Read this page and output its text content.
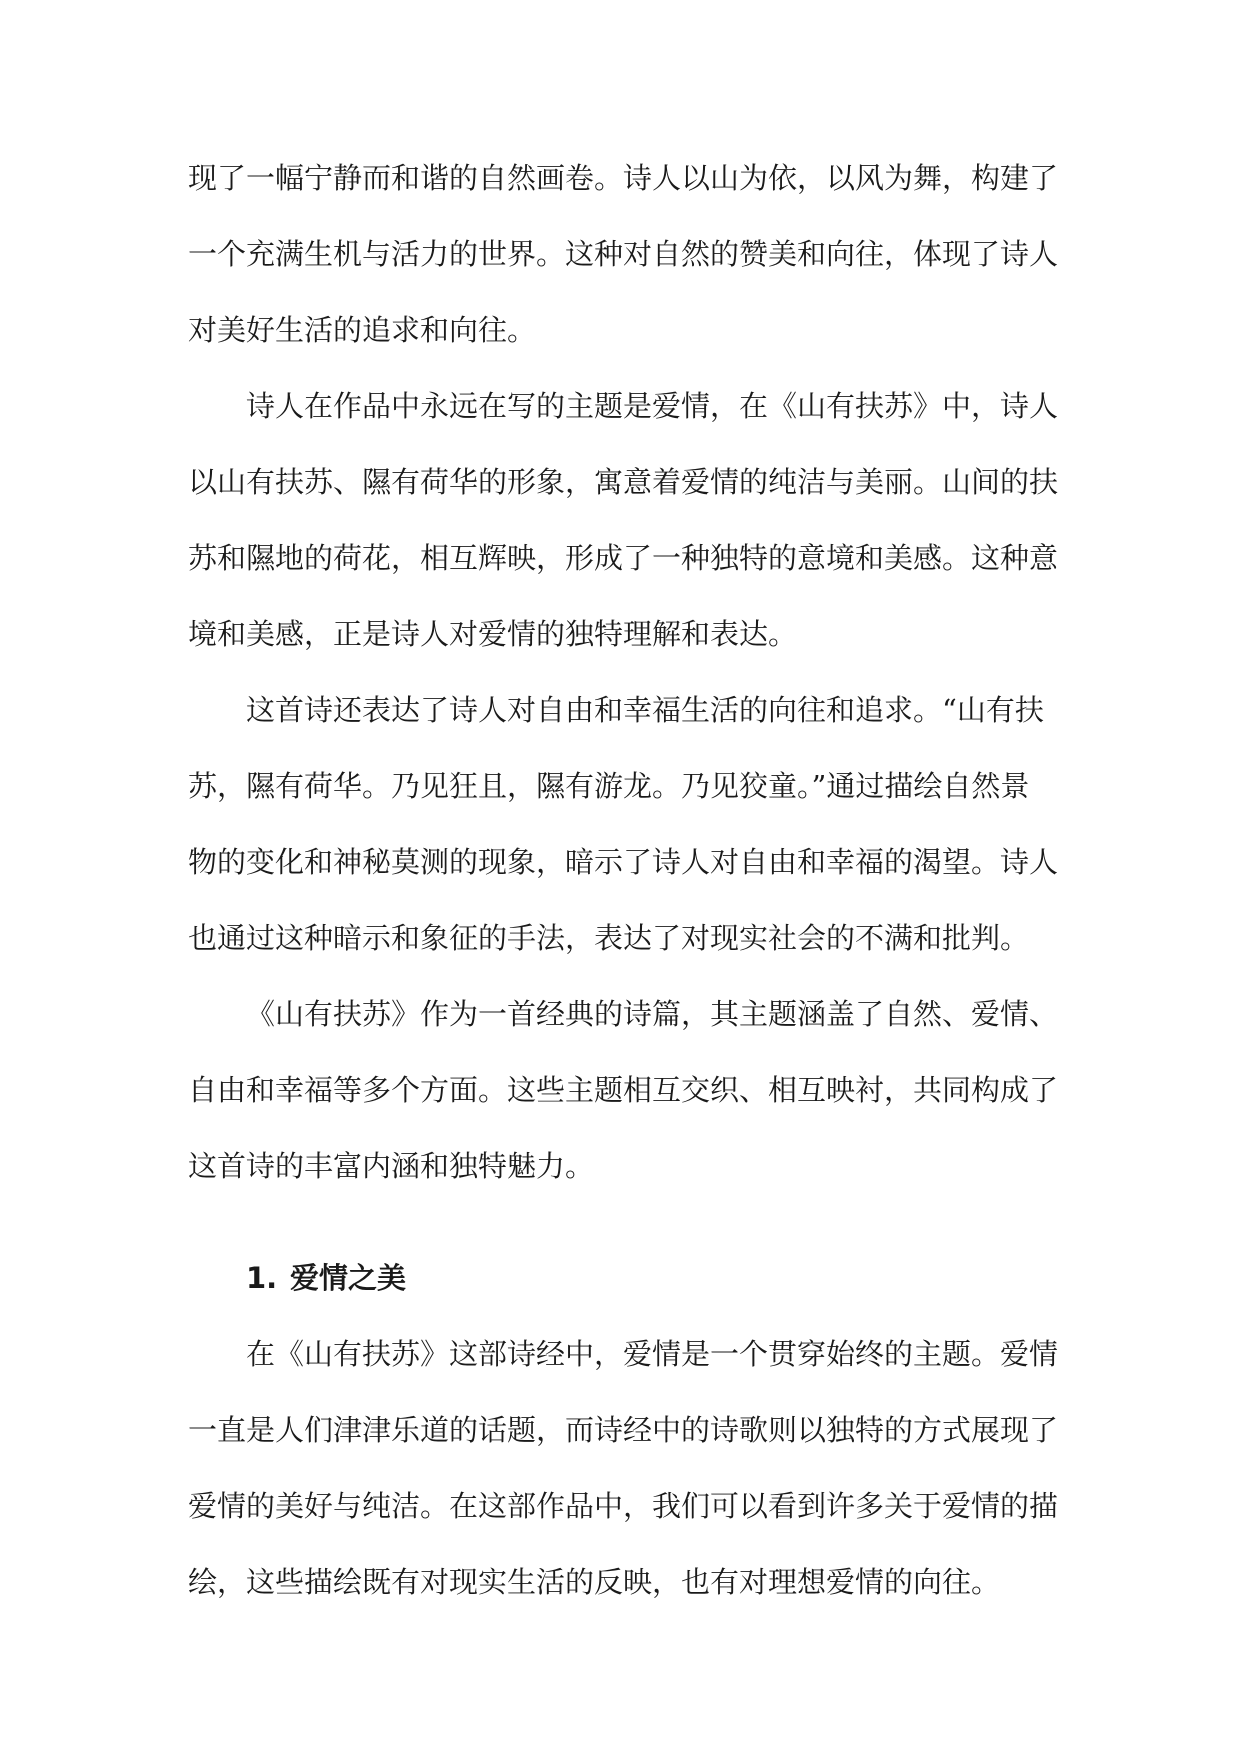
现了一幅宁静而和谐的自然画卷。诗人以山为依，以风为舞，构建了
一个充满生机与活力的世界。这种对自然的赞美和向往，体现了诗人
对美好生活的追求和向往。
诗人在作品中永远在写的主题是爱情，在《山有扶苏》中，诗人
以山有扶苏、隰有荷华的形象，寓意着爱情的纯洁与美丽。山间的扶
苏和隰地的荷花，相互辉映，形成了一种独特的意境和美感。这种意
境和美感，正是诗人对爱情的独特理解和表达。
这首诗还表达了诗人对自由和幸福生活的向往和追求。“山有扶
苏，隰有荷华。乃见狂且，隰有游龙。乃见狡童。”通过描绘自然景
物的变化和神秘莫测的现象，暗示了诗人对自由和幸福的渴望。诗人
也通过这种暗示和象征的手法，表达了对现实社会的不满和批判。
《山有扶苏》作为一首经典的诗篇，其主题涵盖了自然、爱情、
自由和幸福等多个方面。这些主题相互交织、相互映衬，共同构成了
这首诗的丰富内涵和独特魅力。
1. 爱情之美
在《山有扶苏》这部诗经中，爱情是一个贯穿始终的主题。爱情
一直是人们津津乐道的话题，而诗经中的诗歌则以独特的方式展现了
爱情的美好与纯洁。在这部作品中，我们可以看到许多关于爱情的描
绘，这些描绘既有对现实生活的反映，也有对理想爱情的向往。
